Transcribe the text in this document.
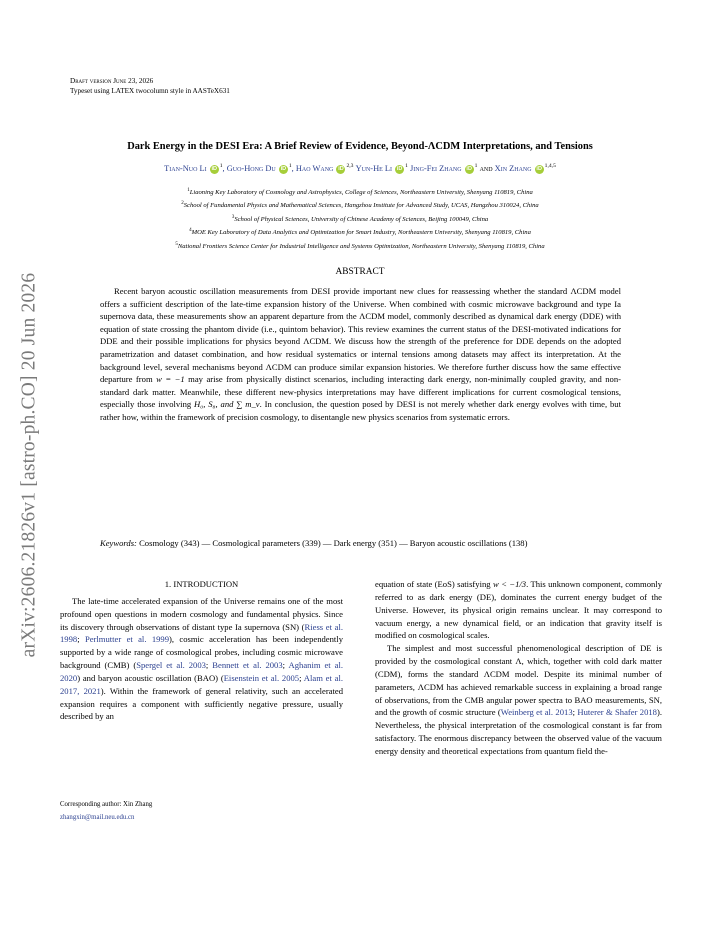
Draft version June 23, 2026
Typeset using LATEX twocolumn style in AASTeX631
arXiv:2606.21826v1 [astro-ph.CO] 20 Jun 2026
Dark Energy in the DESI Era: A Brief Review of Evidence, Beyond-ΛCDM Interpretations, and Tensions
Tian-Nuo Li iD $^1$, Guo-Hong Du iD $^1$, Hao Wang iD $^{2,3}$ Yun-He Li iD $^1$ Jing-Fei Zhang iD $^1$ and Xin Zhang iD $^{1,4,5}$
$^1$Liaoning Key Laboratory of Cosmology and Astrophysics, College of Sciences, Northeastern University, Shenyang 110819, China
$^2$School of Fundamental Physics and Mathematical Sciences, Hangzhou Institute for Advanced Study, UCAS, Hangzhou 310024, China
$^3$School of Physical Sciences, University of Chinese Academy of Sciences, Beijing 100049, China
$^4$MOE Key Laboratory of Data Analytics and Optimization for Smart Industry, Northeastern University, Shenyang 110819, China
$^5$National Frontiers Science Center for Industrial Intelligence and Systems Optimization, Northeastern University, Shenyang 110819, China
ABSTRACT

Recent baryon acoustic oscillation measurements from DESI provide important new clues for reassessing whether the standard ΛCDM model offers a sufficient description of the late-time expansion history of the Universe. When combined with cosmic microwave background and type Ia supernova data, these measurements show an apparent departure from the ΛCDM model, commonly described as dynamical dark energy (DDE) with equation of state crossing the phantom divide (i.e., quintom behavior). This review examines the current status of the DESI-motivated indications for DDE and their possible implications for physics beyond ΛCDM. We discuss how the strength of the preference for DDE depends on the adopted parametrization and dataset combination, and how residual systematics or internal tensions among datasets may affect its interpretation. At the background level, several mechanisms beyond ΛCDM can produce similar expansion histories. We therefore further discuss how the same effective departure from w = −1 may arise from physically distinct scenarios, including interacting dark energy, non-minimally coupled gravity, and non-standard dark matter. Meanwhile, these different new-physics interpretations may have different implications for current cosmological tensions, especially those involving H₀, S₈, and ∑ m_ν. In conclusion, the question posed by DESI is not merely whether dark energy evolves with time, but rather how, within the framework of precision cosmology, to disentangle new physics scenarios from systematic errors.

Keywords: Cosmology (343) — Cosmological parameters (339) — Dark energy (351) — Baryon acoustic oscillations (138)
1. INTRODUCTION

The late-time accelerated expansion of the Universe remains one of the most profound open questions in modern cosmology and fundamental physics. Since its discovery through observations of distant type Ia supernova (SN) (Riess et al. 1998; Perlmutter et al. 1999), cosmic acceleration has been independently supported by a wide range of cosmological probes, including cosmic microwave background (CMB) (Spergel et al. 2003; Bennett et al. 2003; Aghanim et al. 2020) and baryon acoustic oscillation (BAO) (Eisenstein et al. 2005; Alam et al. 2017, 2021). Within the framework of general relativity, such an accelerated expansion requires a component with sufficiently negative pressure, usually described by an

equation of state (EoS) satisfying w < −1/3. This unknown component, commonly referred to as dark energy (DE), dominates the current energy budget of the Universe. However, its physical origin remains unclear. It may correspond to vacuum energy, a new dynamical field, or an indication that gravity itself is modified on cosmological scales.

The simplest and most successful phenomenological description of DE is provided by the cosmological constant Λ, which, together with cold dark matter (CDM), forms the standard ΛCDM model. Despite its minimal number of parameters, ΛCDM has achieved remarkable success in explaining a broad range of observations, from the CMB angular power spectra to BAO measurements, SN, and the growth of cosmic structure (Weinberg et al. 2013; Huterer & Shafer 2018). Nevertheless, the physical interpretation of the cosmological constant is far from satisfactory. The enormous discrepancy between the observed value of the vacuum energy density and theoretical expectations from quantum field the-

Corresponding author: Xin Zhang
zhangxin@mail.neu.edu.cn
